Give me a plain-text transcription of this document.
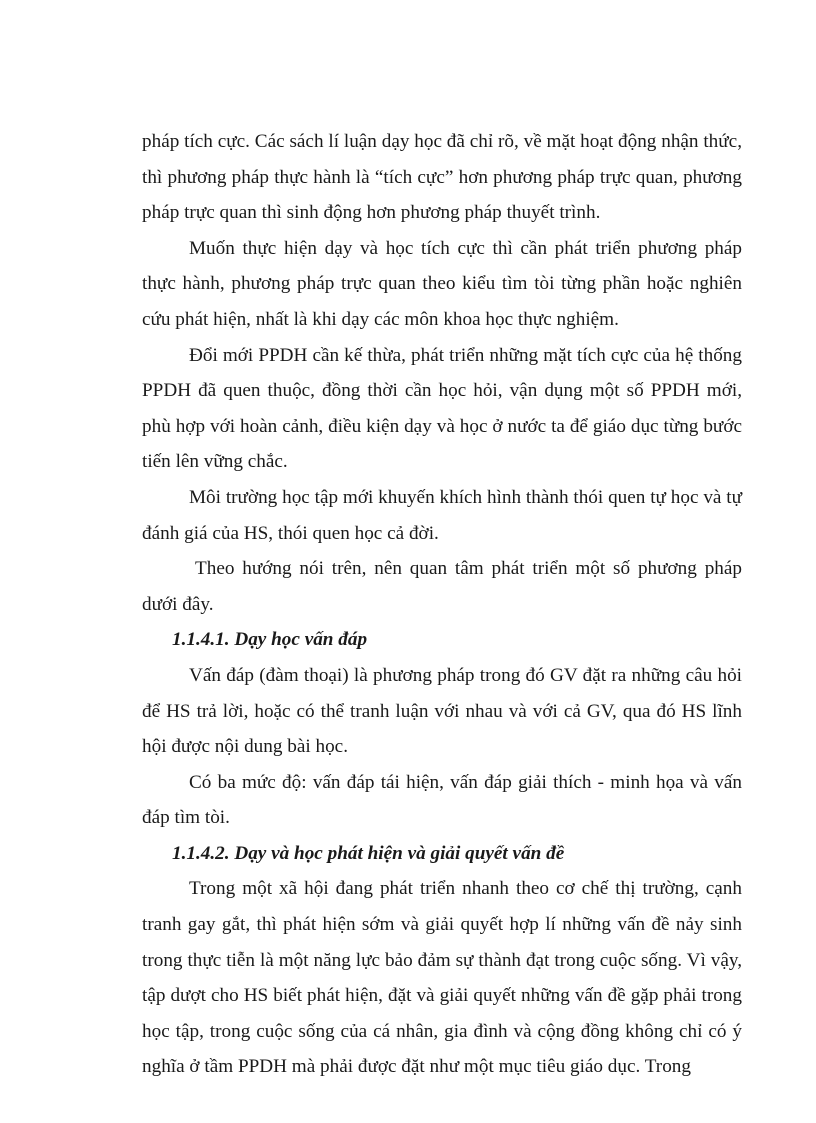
pháp tích cực. Các sách lí luận dạy học đã chỉ rõ, về mặt hoạt động nhận thức, thì phương pháp thực hành là “tích cực” hơn phương pháp trực quan, phương pháp trực quan thì sinh động hơn phương pháp thuyết trình.

Muốn thực hiện dạy và học tích cực thì cần phát triển phương pháp thực hành, phương pháp trực quan theo kiểu tìm tòi từng phần hoặc nghiên cứu phát hiện, nhất là khi dạy các môn khoa học thực nghiệm.

Đổi mới PPDH cần kế thừa, phát triển những mặt tích cực của hệ thống PPDH đã quen thuộc, đồng thời cần học hỏi, vận dụng một số PPDH mới, phù hợp với hoàn cảnh, điều kiện dạy và học ở nước ta để giáo dục từng bước tiến lên vững chắc.

Môi trường học tập mới khuyến khích hình thành thói quen tự học và tự đánh giá của HS, thói quen học cả đời.

Theo hướng nói trên, nên quan tâm phát triển một số phương pháp dưới đây.

1.1.4.1. Dạy học vấn đáp

Vấn đáp (đàm thoại) là phương pháp trong đó GV đặt ra những câu hỏi để HS trả lời, hoặc có thể tranh luận với nhau và với cả GV, qua đó HS lĩnh hội được nội dung bài học.

Có ba mức độ: vấn đáp tái hiện, vấn đáp giải thích - minh họa và vấn đáp tìm tòi.

1.1.4.2. Dạy và học phát hiện và giải quyết vấn đề

Trong một xã hội đang phát triển nhanh theo cơ chế thị trường, cạnh tranh gay gắt, thì phát hiện sớm và giải quyết hợp lí những vấn đề nảy sinh trong thực tiễn là một năng lực bảo đảm sự thành đạt trong cuộc sống. Vì vậy, tập dượt cho HS biết phát hiện, đặt và giải quyết những vấn đề gặp phải trong học tập, trong cuộc sống của cá nhân, gia đình và cộng đồng không chỉ có ý nghĩa ở tầm PPDH mà phải được đặt như một mục tiêu giáo dục. Trong
